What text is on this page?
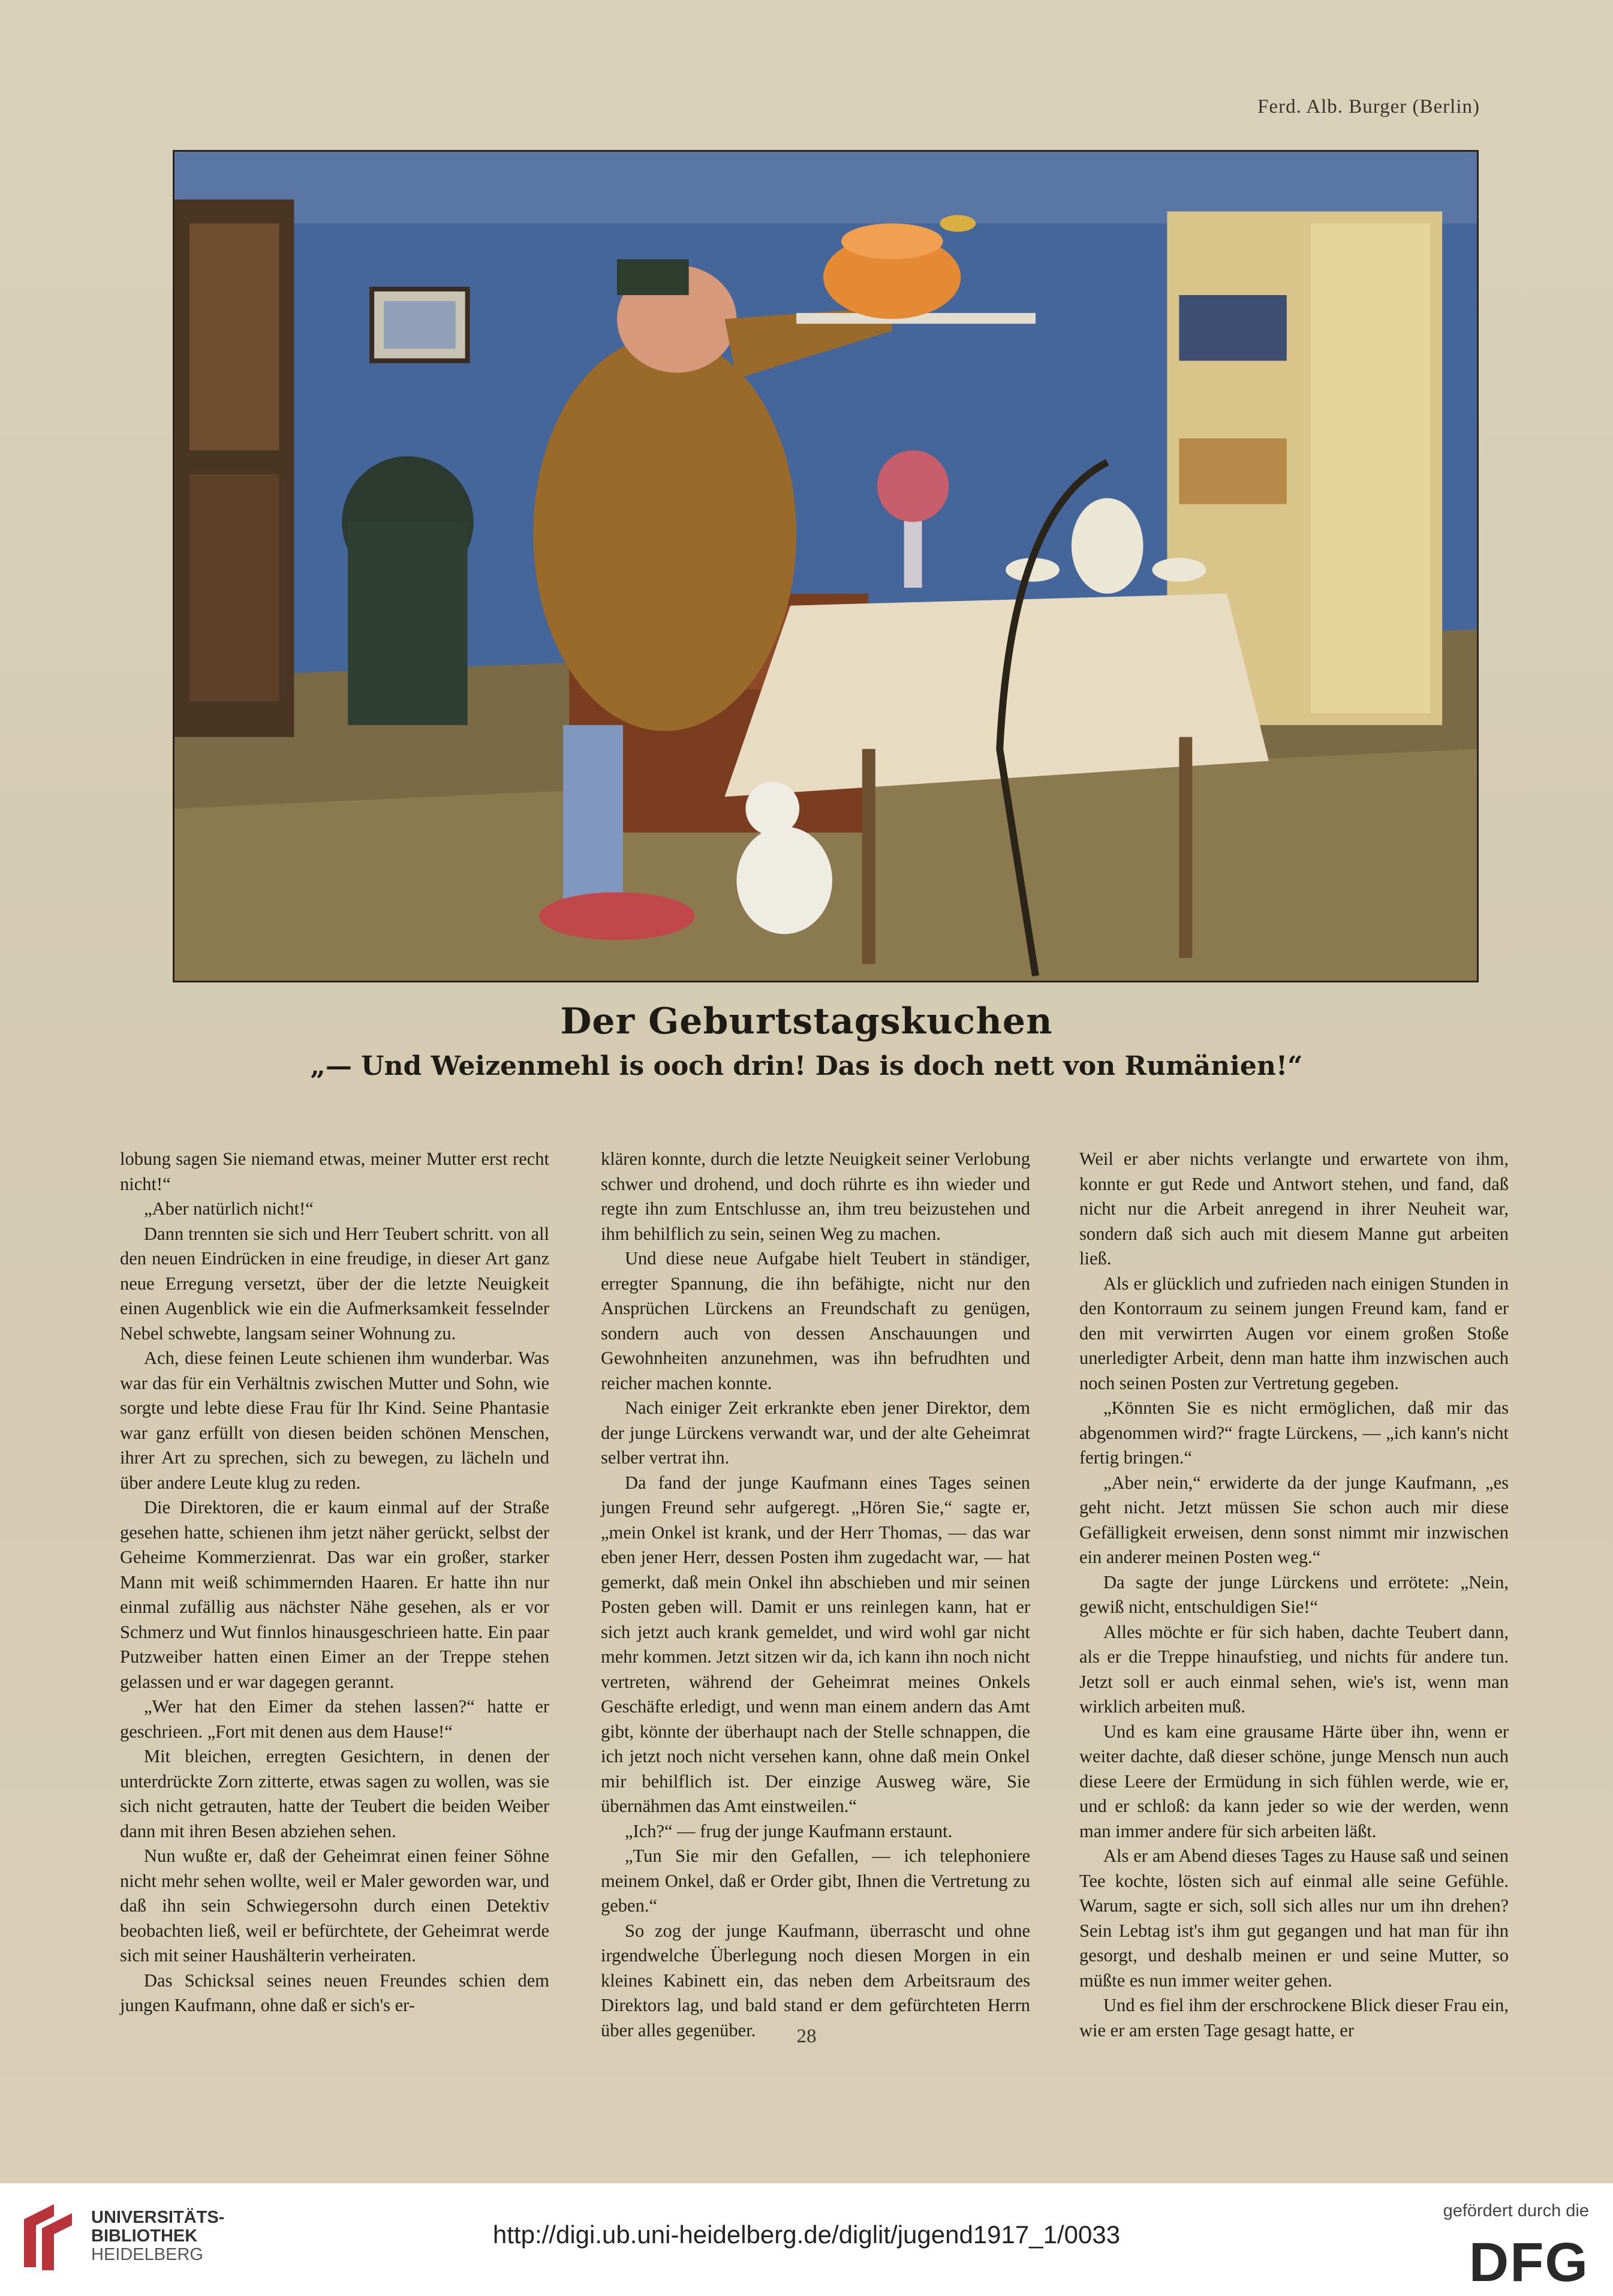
Ferd. Alb. Burger (Berlin)
Der Geburtstagskuchen
„— Und Weizenmehl is ooch drin! Das is doch nett von Rumänien!“

lobung sagen Sie niemand etwas, meiner Mutter erst recht nicht!“

„Aber natürlich nicht!“

Dann trennten sie sich und Herr Teubert schritt. von all den neuen Eindrücken in eine freudige, in dieser Art ganz neue Erregung versetzt, über der die letzte Neuigkeit einen Augenblick wie ein die Aufmerksamkeit fesselnder Nebel schwebte, langsam seiner Wohnung zu.

Ach, diese feinen Leute schienen ihm wunderbar. Was war das für ein Verhältnis zwischen Mutter und Sohn, wie sorgte und lebte diese Frau für Ihr Kind. Seine Phantasie war ganz erfüllt von diesen beiden schönen Menschen, ihrer Art zu sprechen, sich zu bewegen, zu lächeln und über andere Leute klug zu reden.

Die Direktoren, die er kaum einmal auf der Straße gesehen hatte, schienen ihm jetzt näher gerückt, selbst der Geheime Kommerzienrat. Das war ein großer, starker Mann mit weiß schimmernden Haaren. Er hatte ihn nur einmal zufällig aus nächster Nähe gesehen, als er vor Schmerz und Wut finnlos hinausgeschrieen hatte. Ein paar Putzweiber hatten einen Eimer an der Treppe stehen gelassen und er war dagegen gerannt.

„Wer hat den Eimer da stehen lassen?“ hatte er geschrieen. „Fort mit denen aus dem Hause!“

Mit bleichen, erregten Gesichtern, in denen der unterdrückte Zorn zitterte, etwas sagen zu wollen, was sie sich nicht getrauten, hatte der Teubert die beiden Weiber dann mit ihren Besen abziehen sehen.

Nun wußte er, daß der Geheimrat einen feiner Söhne nicht mehr sehen wollte, weil er Maler geworden war, und daß ihn sein Schwiegersohn durch einen Detektiv beobachten ließ, weil er befürchtete, der Geheimrat werde sich mit seiner Haushälterin verheiraten.

Das Schicksal seines neuen Freundes schien dem jungen Kaufmann, ohne daß er sich's er-

klären konnte, durch die letzte Neuigkeit seiner Verlobung schwer und drohend, und doch rührte es ihn wieder und regte ihn zum Entschlusse an, ihm treu beizustehen und ihm behilflich zu sein, seinen Weg zu machen.

Und diese neue Aufgabe hielt Teubert in ständiger, erregter Spannung, die ihn befähigte, nicht nur den Ansprüchen Lürckens an Freundschaft zu genügen, sondern auch von dessen Anschauungen und Gewohnheiten anzunehmen, was ihn befrudhten und reicher machen konnte.

Nach einiger Zeit erkrankte eben jener Direktor, dem der junge Lürckens verwandt war, und der alte Geheimrat selber vertrat ihn.

Da fand der junge Kaufmann eines Tages seinen jungen Freund sehr aufgeregt. „Hören Sie,“ sagte er, „mein Onkel ist krank, und der Herr Thomas, — das war eben jener Herr, dessen Posten ihm zugedacht war, — hat gemerkt, daß mein Onkel ihn abschieben und mir seinen Posten geben will. Damit er uns reinlegen kann, hat er sich jetzt auch krank gemeldet, und wird wohl gar nicht mehr kommen. Jetzt sitzen wir da, ich kann ihn noch nicht vertreten, während der Geheimrat meines Onkels Geschäfte erledigt, und wenn man einem andern das Amt gibt, könnte der überhaupt nach der Stelle schnappen, die ich jetzt noch nicht versehen kann, ohne daß mein Onkel mir behilflich ist. Der einzige Ausweg wäre, Sie übernähmen das Amt einstweilen.“

„Ich?“ — frug der junge Kaufmann erstaunt.

„Tun Sie mir den Gefallen, — ich telephoniere meinem Onkel, daß er Order gibt, Ihnen die Vertretung zu geben.“

So zog der junge Kaufmann, überrascht und ohne irgendwelche Überlegung noch diesen Morgen in ein kleines Kabinett ein, das neben dem Arbeitsraum des Direktors lag, und bald stand er dem gefürchteten Herrn über alles gegenüber.

Weil er aber nichts verlangte und erwartete von ihm, konnte er gut Rede und Antwort stehen, und fand, daß nicht nur die Arbeit anregend in ihrer Neuheit war, sondern daß sich auch mit diesem Manne gut arbeiten ließ.

Als er glücklich und zufrieden nach einigen Stunden in den Kontorraum zu seinem jungen Freund kam, fand er den mit verwirrten Augen vor einem großen Stoße unerledigter Arbeit, denn man hatte ihm inzwischen auch noch seinen Posten zur Vertretung gegeben.

„Könnten Sie es nicht ermöglichen, daß mir das abgenommen wird?“ fragte Lürckens, — „ich kann's nicht fertig bringen.“

„Aber nein,“ erwiderte da der junge Kaufmann, „es geht nicht. Jetzt müssen Sie schon auch mir diese Gefälligkeit erweisen, denn sonst nimmt mir inzwischen ein anderer meinen Posten weg.“

Da sagte der junge Lürckens und errötete: „Nein, gewiß nicht, entschuldigen Sie!“

Alles möchte er für sich haben, dachte Teubert dann, als er die Treppe hinaufstieg, und nichts für andere tun. Jetzt soll er auch einmal sehen, wie's ist, wenn man wirklich arbeiten muß.

Und es kam eine grausame Härte über ihn, wenn er weiter dachte, daß dieser schöne, junge Mensch nun auch diese Leere der Ermüdung in sich fühlen werde, wie er, und er schloß: da kann jeder so wie der werden, wenn man immer andere für sich arbeiten läßt.

Als er am Abend dieses Tages zu Hause saß und seinen Tee kochte, lösten sich auf einmal alle seine Gefühle. Warum, sagte er sich, soll sich alles nur um ihn drehen? Sein Lebtag ist's ihm gut gegangen und hat man für ihn gesorgt, und deshalb meinen er und seine Mutter, so müßte es nun immer weiter gehen.

Und es fiel ihm der erschrockene Blick dieser Frau ein, wie er am ersten Tage gesagt hatte, er

28
UNIVERSITÄTS-
BIBLIOTHEK
HEIDELBERG
http://digi.ub.uni-heidelberg.de/diglit/jugend1917_1/0033
gefördert durch die
DFG
